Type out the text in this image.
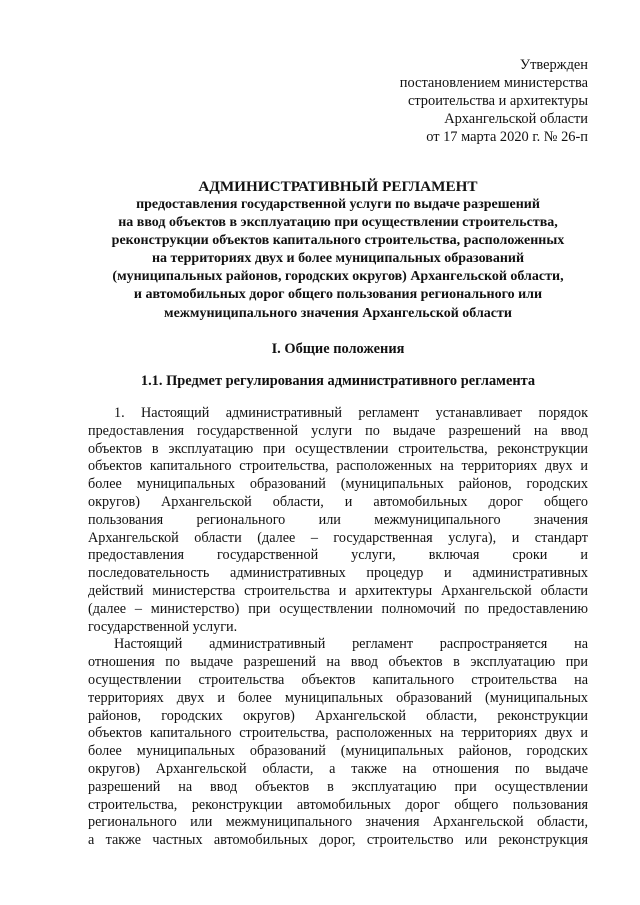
Утвержден
постановлением министерства
строительства и архитектуры
Архангельской области
от 17 марта 2020 г. № 26-п
АДМИНИСТРАТИВНЫЙ РЕГЛАМЕНТ
предоставления государственной услуги по выдаче разрешений
на ввод объектов в эксплуатацию при осуществлении строительства,
реконструкции объектов капитального строительства, расположенных
на территориях двух и более муниципальных образований
(муниципальных районов, городских округов) Архангельской области,
и автомобильных дорог общего пользования регионального или
межмуниципального значения Архангельской области
I. Общие положения
1.1. Предмет регулирования административного регламента
1. Настоящий административный регламент устанавливает порядок
предоставления государственной услуги по выдаче разрешений на ввод
объектов в эксплуатацию при осуществлении строительства, реконструкции
объектов капитального строительства, расположенных на территориях двух и
более муниципальных образований (муниципальных районов, городских
округов) Архангельской области, и автомобильных дорог общего
пользования регионального или межмуниципального значения
Архангельской области (далее – государственная услуга), и стандарт
предоставления государственной услуги, включая сроки и
последовательность административных процедур и административных
действий министерства строительства и архитектуры Архангельской области
(далее – министерство) при осуществлении полномочий по предоставлению
государственной услуги.
Настоящий административный регламент распространяется на
отношения по выдаче разрешений на ввод объектов в эксплуатацию при
осуществлении строительства объектов капитального строительства на
территориях двух и более муниципальных образований (муниципальных
районов, городских округов) Архангельской области, реконструкции
объектов капитального строительства, расположенных на территориях двух и
более муниципальных образований (муниципальных районов, городских
округов) Архангельской области, а также на отношения по выдаче
разрешений на ввод объектов в эксплуатацию при осуществлении
строительства, реконструкции автомобильных дорог общего пользования
регионального или межмуниципального значения Архангельской области,
а также частных автомобильных дорог, строительство или реконструкция
